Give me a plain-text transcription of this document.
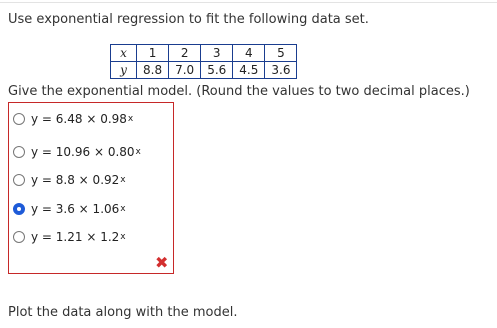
Use exponential regression to fit the following data set.
x	1	2	3	4	5
y	8.8	7.0	5.6	4.5	3.6
Give the exponential model. (Round the values to two decimal places.)
y = 6.48 × 0.98 x
y = 10.96 × 0.80 x
y = 8.8 × 0.92 x
y = 3.6 × 1.06 x
y = 1.21 × 1.2 x
✖
Plot the data along with the model.
